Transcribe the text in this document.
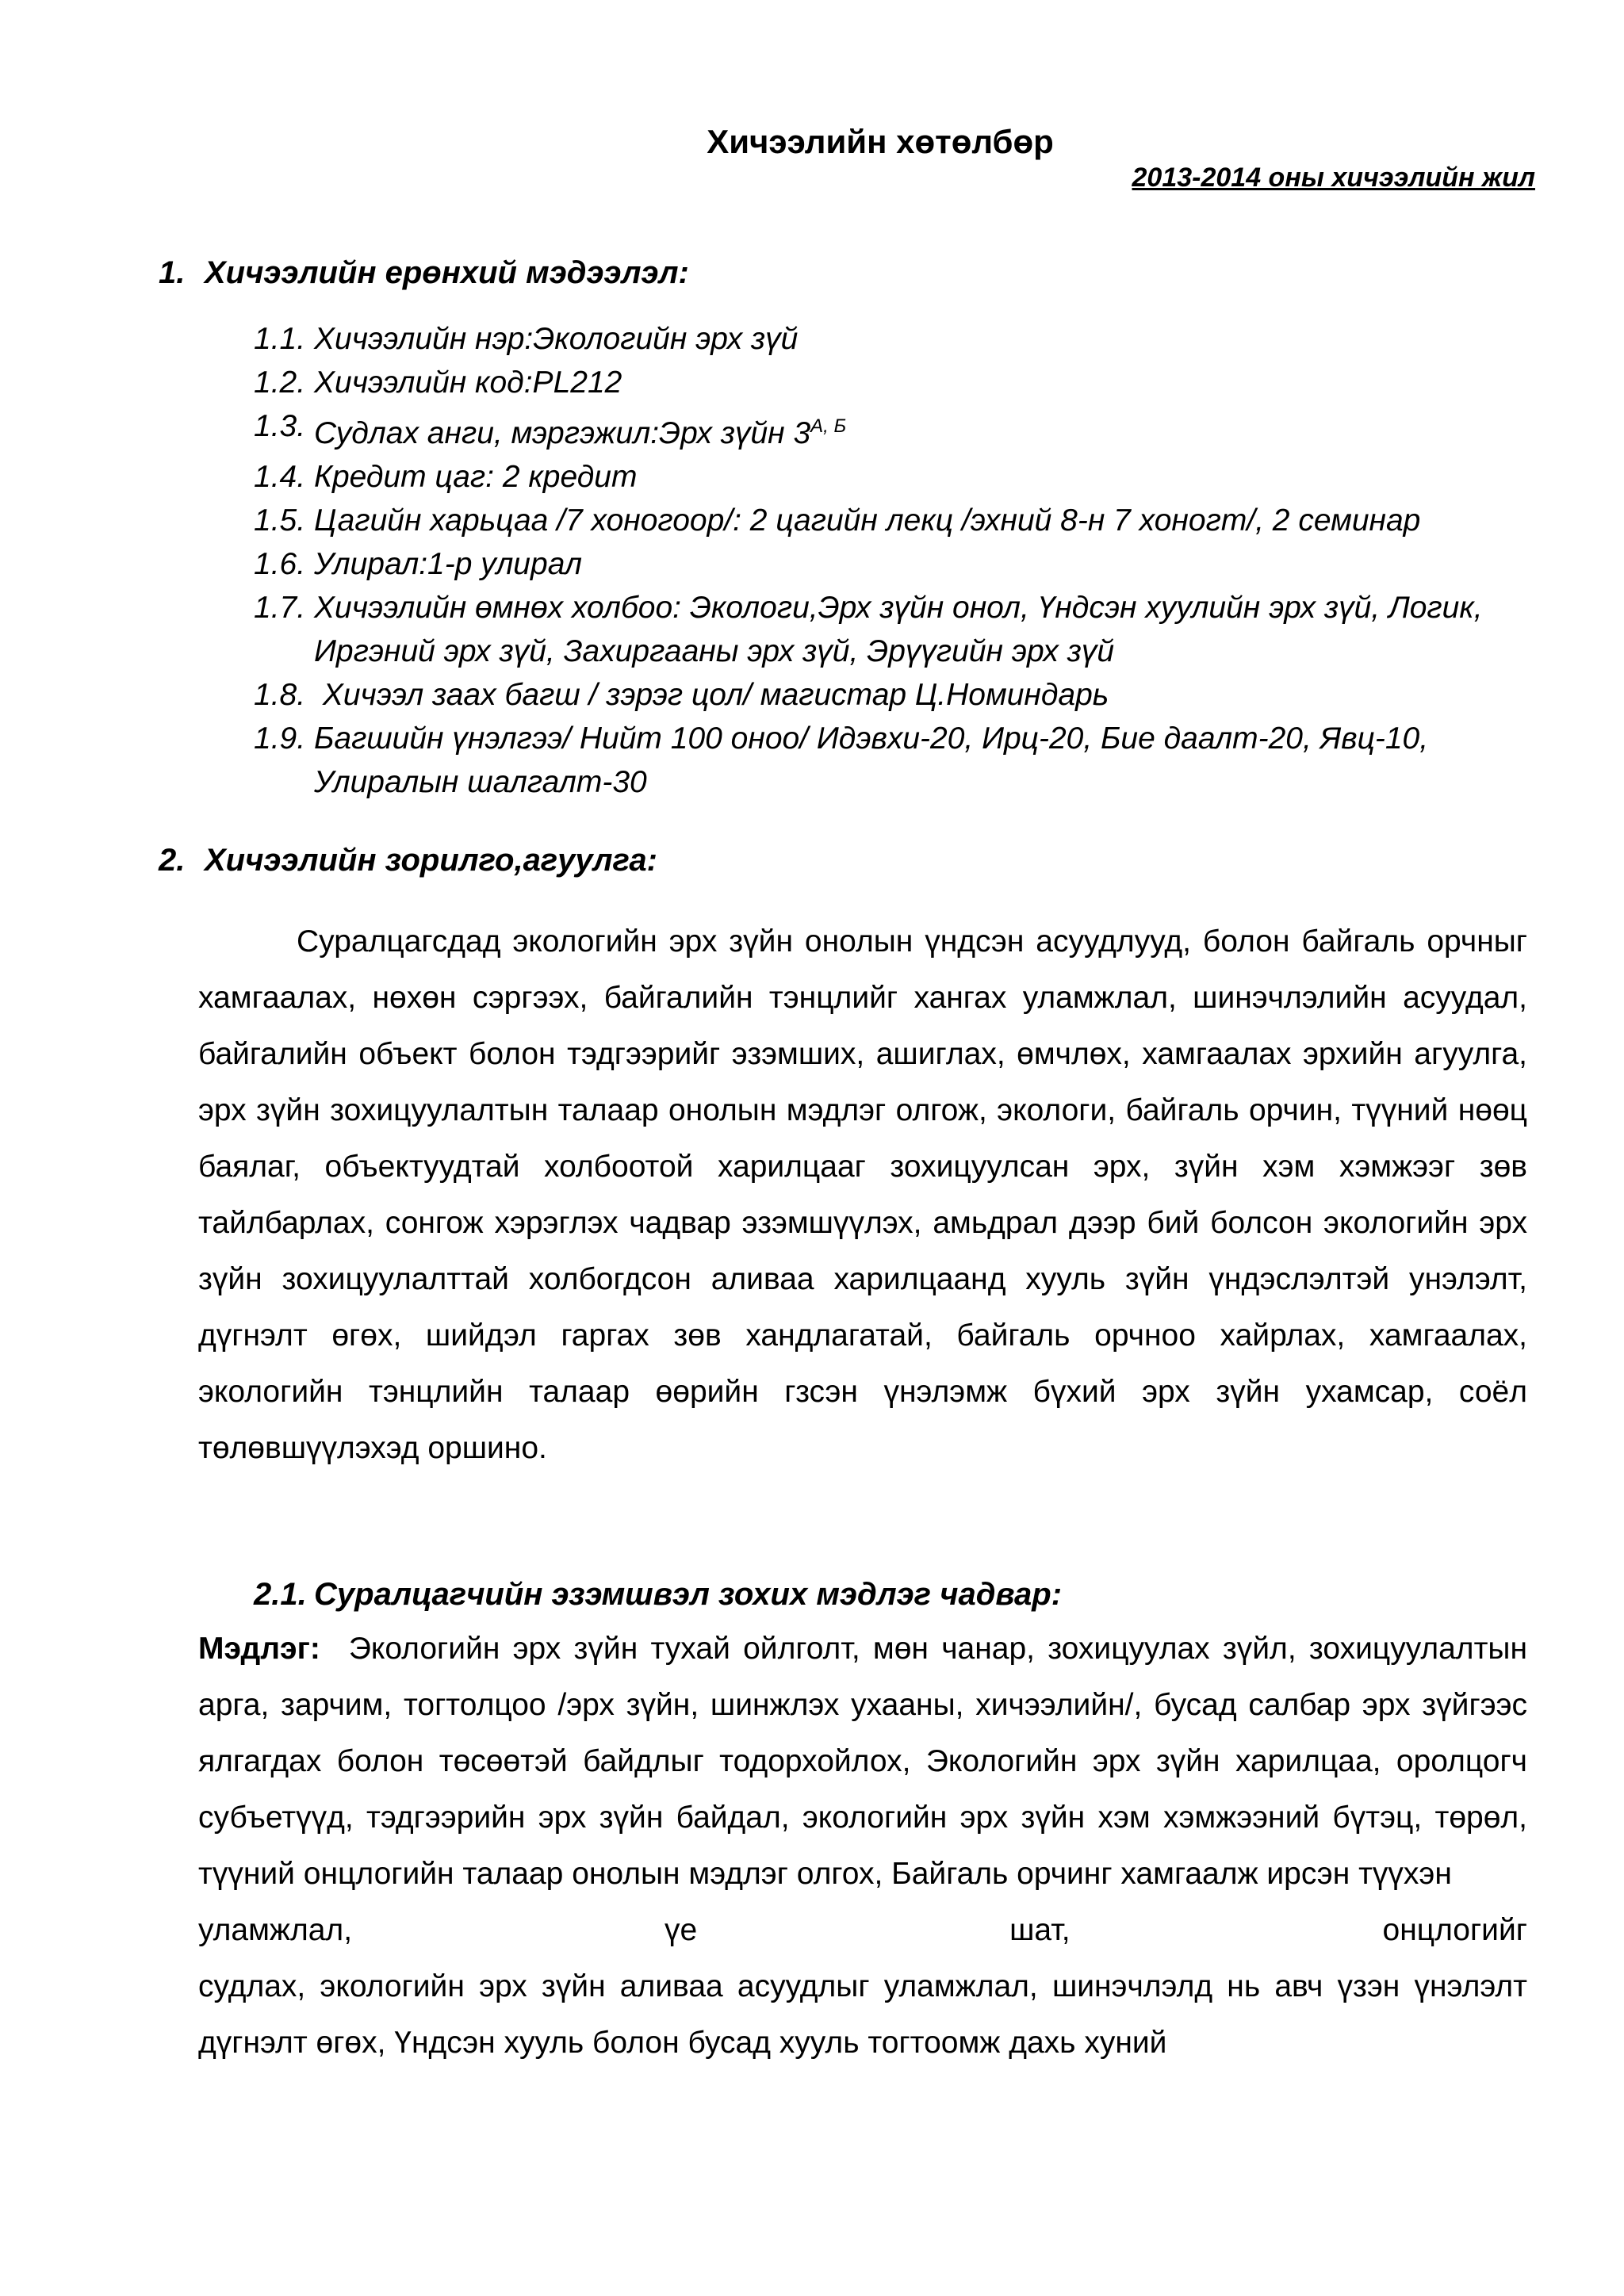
Хичээлийн хөтөлбөр
2013-2014 оны хичээлийн жил
1. Хичээлийн ерөнхий мэдээлэл:
1.1. Хичээлийн нэр:Экологийн эрх зүй
1.2. Хичээлийн код:PL212
1.3. Судлах анги, мэргэжил:Эрх зүйн $3^{А, Б}$
1.4. Кредит цаг: 2 кредит
1.5. Цагийн харьцаа /7 хоногоор/: 2 цагийн лекц /эхний 8-н 7 хоногт/, 2 семинар
1.6. Улирал:1-р улирал
1.7. Хичээлийн өмнөх холбоо: Экологи,Эрх зүйн онол, Үндсэн хуулийн эрх зүй, Логик, Иргэний эрх зүй, Захиргааны эрх зүй, Эрүүгийн эрх зүй
1.8. Хичээл заах багш / зэрэг цол/ магистар Ц.Номиндарь
1.9. Багшийн үнэлгээ/ Нийт 100 оноо/ Идэвхи-20, Ирц-20, Бие даалт-20, Явц-10, Улиралын шалгалт-30
2. Хичээлийн зорилго,агуулга:

Суралцагсдад экологийн эрх зүйн онолын үндсэн асуудлууд, болон байгаль орчныг хамгаалах, нөхөн сэргээх, байгалийн тэнцлийг хангах уламжлал, шинэчлэлийн асуудал, байгалийн объект болон тэдгээрийг эзэмших, ашиглах, өмчлөх, хамгаалах эрхийн агуулга, эрх зүйн зохицуулалтын талаар онолын мэдлэг олгож, экологи, байгаль орчин, түүний нөөц баялаг, объектуудтай холбоотой харилцааг зохицуулсан эрх, зүйн хэм хэмжээг зөв тайлбарлах, сонгож хэрэглэх чадвар эзэмшүүлэх, амьдрал дээр бий болсон экологийн эрх зүйн зохицуулалттай холбогдсон аливаа харилцаанд хууль зүйн үндэслэлтэй унэлэлт, дүгнэлт өгөх, шийдэл гаргах зөв хандлагатай, байгаль орчноо хайрлах, хамгаалах, экологийн тэнцлийн талаар өөрийн гзсэн үнэлэмж бүхий эрх зүйн ухамсар, соёл төлөвшүүлэхэд оршино.

2.1. Суралцагчийн эзэмшвэл зохих мэдлэг чадвар:
Мэдлэг: Экологийн эрх зүйн тухай ойлголт, мөн чанар, зохицуулах зүйл, зохицуулалтын арга, зарчим, тогтолцоо /эрх зүйн, шинжлэх ухааны, хичээлийн/, бусад салбар эрх зүйгээс ялгагдах болон төсөөтэй байдлыг тодорхойлох, Экологийн эрх зүйн харилцаа, оролцогч субъетүүд, тэдгээрийн эрх зүйн байдал, экологийн эрх зүйн хэм хэмжээний бүтэц, төрөл, түүний онцлогийн талаар онолын мэдлэг олгох, Байгаль орчинг хамгаалж ирсэн түүхэн
уламжлал,	үе	шат,	онцлогийг
судлах, экологийн эрх зүйн аливаа асуудлыг уламжлал, шинэчлэлд нь авч үзэн үнэлэлт дүгнэлт өгөх, Үндсэн хууль болон бусад хууль тогтоомж дахь хуний
